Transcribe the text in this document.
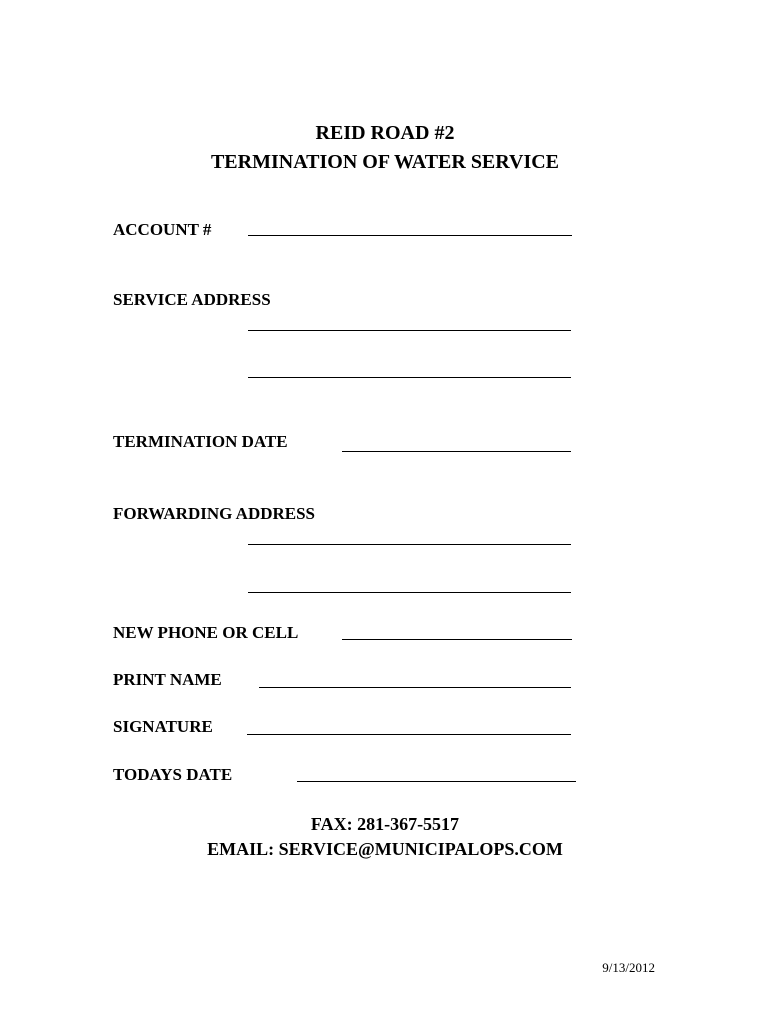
REID ROAD #2
TERMINATION OF WATER SERVICE
ACCOUNT #
SERVICE ADDRESS
TERMINATION DATE
FORWARDING ADDRESS
NEW PHONE OR CELL
PRINT NAME
SIGNATURE
TODAYS DATE
FAX: 281-367-5517
EMAIL: SERVICE@MUNICIPALOPS.COM
9/13/2012
